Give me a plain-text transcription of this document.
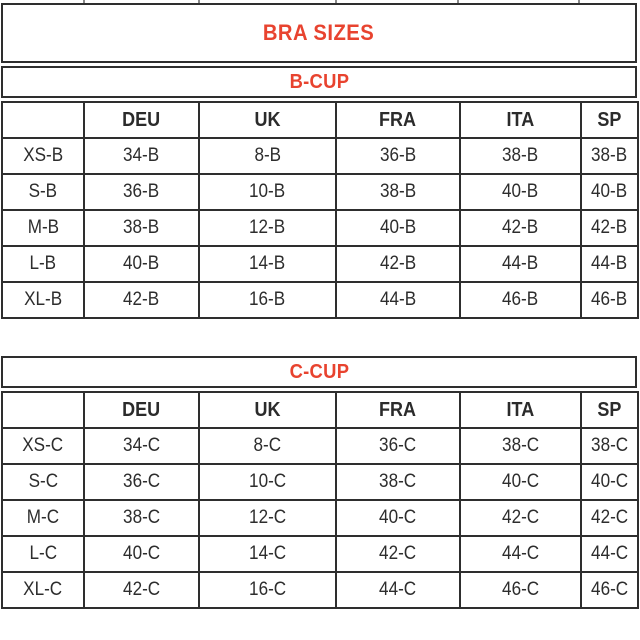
BRA SIZES
B-CUP
	DEU	UK	FRA	ITA	SP
XS-B	34-B	8-B	36-B	38-B	38-B
S-B	36-B	10-B	38-B	40-B	40-B
M-B	38-B	12-B	40-B	42-B	42-B
L-B	40-B	14-B	42-B	44-B	44-B
XL-B	42-B	16-B	44-B	46-B	46-B
C-CUP
	DEU	UK	FRA	ITA	SP
XS-C	34-C	8-C	36-C	38-C	38-C
S-C	36-C	10-C	38-C	40-C	40-C
M-C	38-C	12-C	40-C	42-C	42-C
L-C	40-C	14-C	42-C	44-C	44-C
XL-C	42-C	16-C	44-C	46-C	46-C
